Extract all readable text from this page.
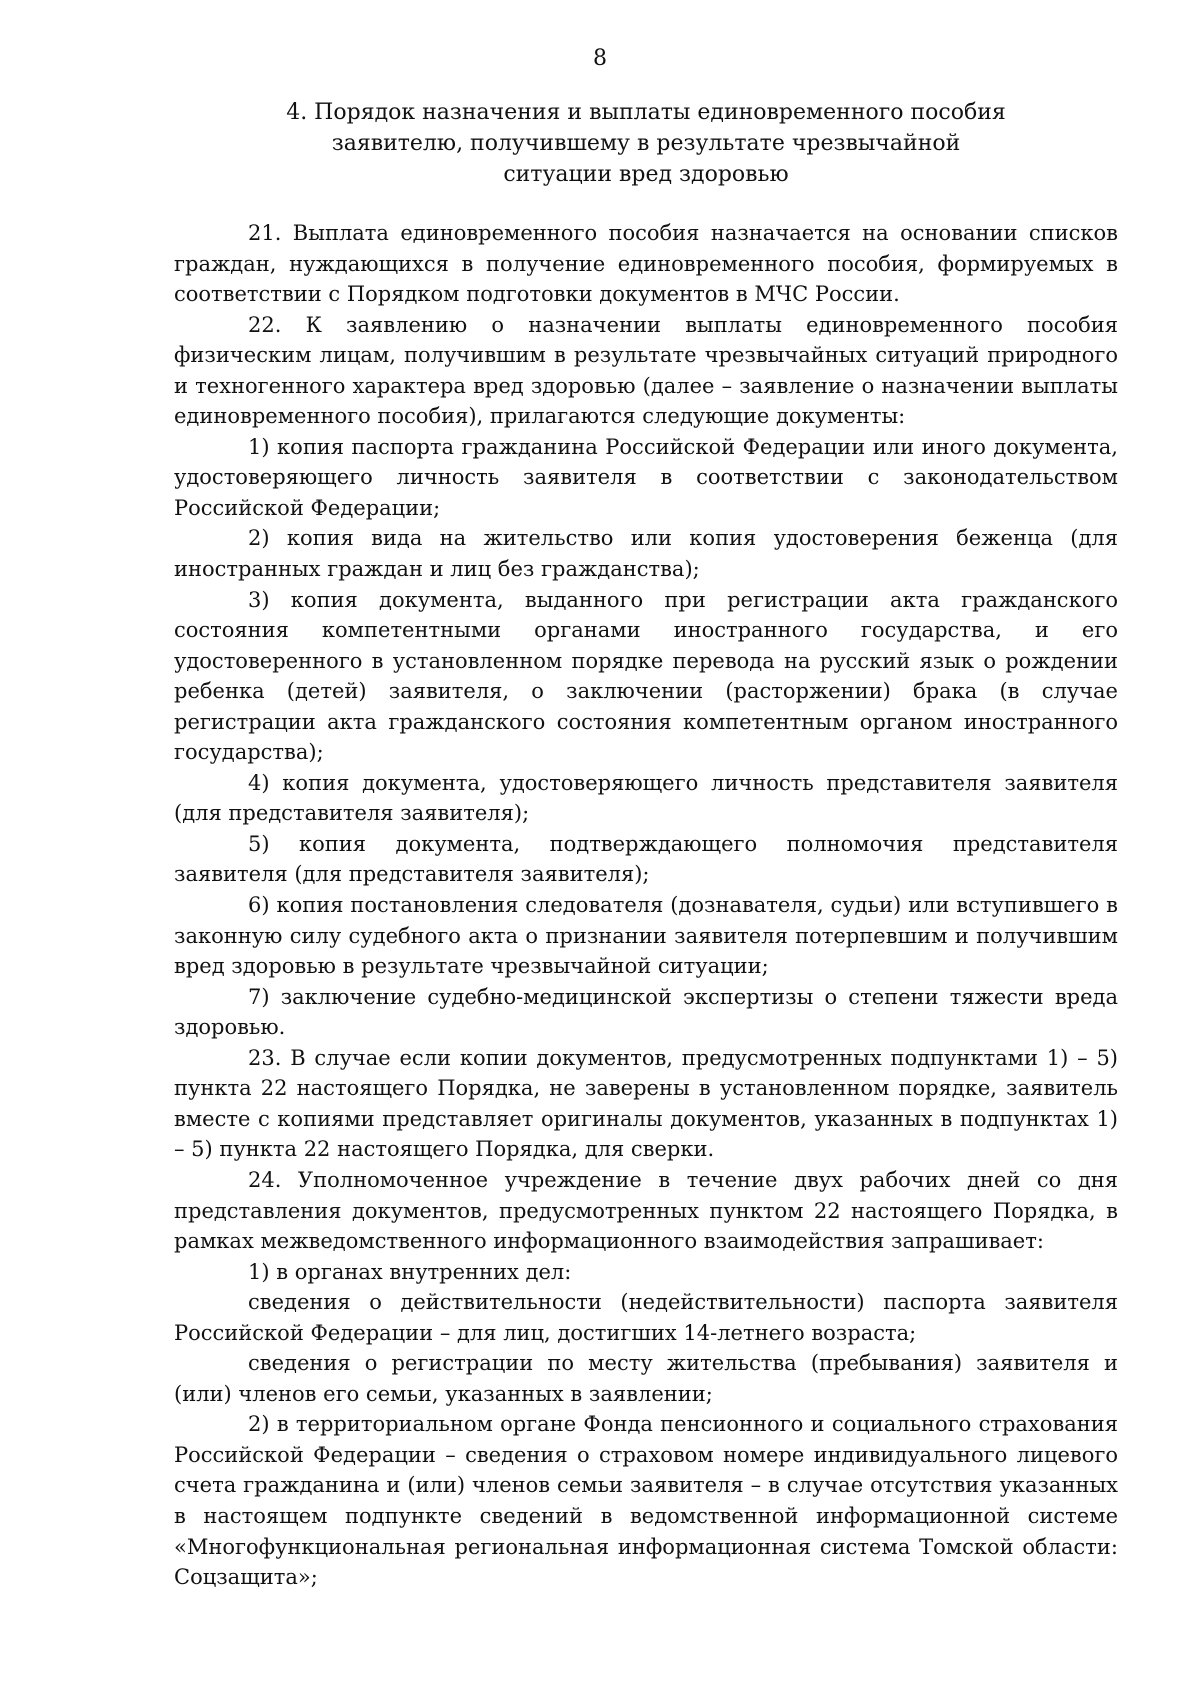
8
4. Порядок назначения и выплаты единовременного пособия
заявителю, получившему в результате чрезвычайной
ситуации вред здоровью

21. Выплата единовременного пособия назначается на основании списков граждан, нуждающихся в получение единовременного пособия, формируемых в соответствии с Порядком подготовки документов в МЧС России.

22. К заявлению о назначении выплаты единовременного пособия физическим лицам, получившим в результате чрезвычайных ситуаций природного и техногенного характера вред здоровью (далее – заявление о назначении выплаты единовременного пособия), прилагаются следующие документы:

1) копия паспорта гражданина Российской Федерации или иного документа, удостоверяющего личность заявителя в соответствии с законодательством Российской Федерации;

2) копия вида на жительство или копия удостоверения беженца (для иностранных граждан и лиц без гражданства);

3) копия документа, выданного при регистрации акта гражданского состояния компетентными органами иностранного государства, и его удостоверенного в установленном порядке перевода на русский язык о рождении ребенка (детей) заявителя, о заключении (расторжении) брака (в случае регистрации акта гражданского состояния компетентным органом иностранного государства);

4) копия документа, удостоверяющего личность представителя заявителя (для представителя заявителя);

5) копия документа, подтверждающего полномочия представителя заявителя (для представителя заявителя);

6) копия постановления следователя (дознавателя, судьи) или вступившего в законную силу судебного акта о признании заявителя потерпевшим и получившим вред здоровью в результате чрезвычайной ситуации;

7) заключение судебно-медицинской экспертизы о степени тяжести вреда здоровью.

23. В случае если копии документов, предусмотренных подпунктами 1) – 5) пункта 22 настоящего Порядка, не заверены в установленном порядке, заявитель вместе с копиями представляет оригиналы документов, указанных в подпунктах 1) – 5) пункта 22 настоящего Порядка, для сверки.

24. Уполномоченное учреждение в течение двух рабочих дней со дня представления документов, предусмотренных пунктом 22 настоящего Порядка, в рамках межведомственного информационного взаимодействия запрашивает:

1) в органах внутренних дел:

сведения о действительности (недействительности) паспорта заявителя Российской Федерации – для лиц, достигших 14-летнего возраста;

сведения о регистрации по месту жительства (пребывания) заявителя и (или) членов его семьи, указанных в заявлении;

2) в территориальном органе Фонда пенсионного и социального страхования Российской Федерации – сведения о страховом номере индивидуального лицевого счета гражданина и (или) членов семьи заявителя – в случае отсутствия указанных в настоящем подпункте сведений в ведомственной информационной системе «Многофункциональная региональная информационная система Томской области: Соцзащита»;
